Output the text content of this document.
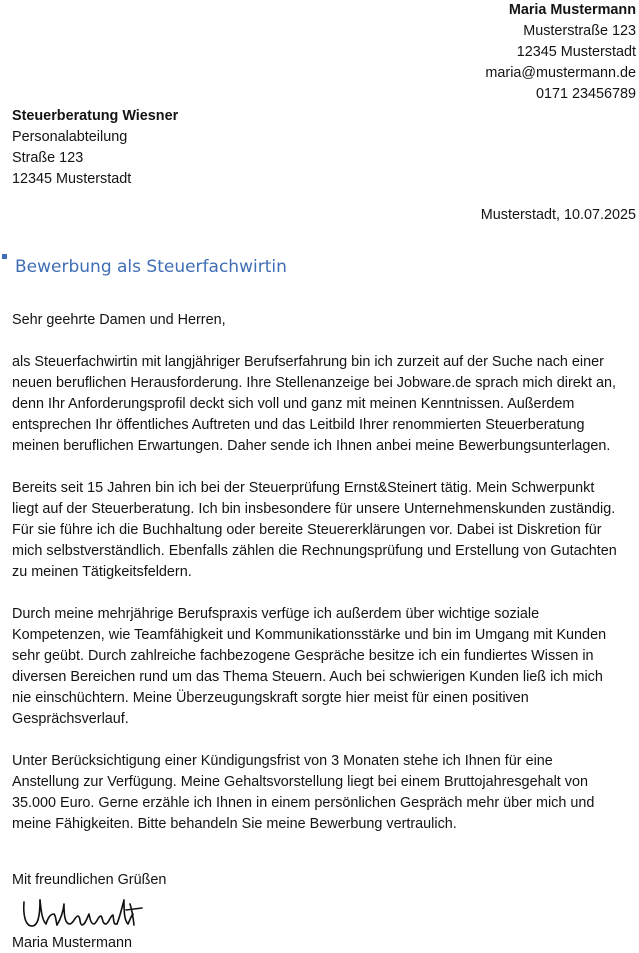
Maria Mustermann
Musterstraße 123
12345 Musterstadt
maria@mustermann.de
0171 23456789
Steuerberatung Wiesner
Personalabteilung
Straße 123
12345 Musterstadt
Musterstadt, 10.07.2025
Bewerbung als Steuerfachwirtin

Sehr geehrte Damen und Herren,

als Steuerfachwirtin mit langjähriger Berufserfahrung bin ich zurzeit auf der Suche nach einer
neuen beruflichen Herausforderung. Ihre Stellenanzeige bei Jobware.de sprach mich direkt an,
denn Ihr Anforderungsprofil deckt sich voll und ganz mit meinen Kenntnissen. Außerdem
entsprechen Ihr öffentliches Auftreten und das Leitbild Ihrer renommierten Steuerberatung
meinen beruflichen Erwartungen. Daher sende ich Ihnen anbei meine Bewerbungsunterlagen.

Bereits seit 15 Jahren bin ich bei der Steuerprüfung Ernst&Steinert tätig. Mein Schwerpunkt
liegt auf der Steuerberatung. Ich bin insbesondere für unsere Unternehmenskunden zuständig.
Für sie führe ich die Buchhaltung oder bereite Steuererklärungen vor. Dabei ist Diskretion für
mich selbstverständlich. Ebenfalls zählen die Rechnungsprüfung und Erstellung von Gutachten
zu meinen Tätigkeitsfeldern.

Durch meine mehrjährige Berufspraxis verfüge ich außerdem über wichtige soziale
Kompetenzen, wie Teamfähigkeit und Kommunikationsstärke und bin im Umgang mit Kunden
sehr geübt. Durch zahlreiche fachbezogene Gespräche besitze ich ein fundiertes Wissen in
diversen Bereichen rund um das Thema Steuern. Auch bei schwierigen Kunden ließ ich mich
nie einschüchtern. Meine Überzeugungskraft sorgte hier meist für einen positiven
Gesprächsverlauf.

Unter Berücksichtigung einer Kündigungsfrist von 3 Monaten stehe ich Ihnen für eine
Anstellung zur Verfügung. Meine Gehaltsvorstellung liegt bei einem Bruttojahresgehalt von
35.000 Euro. Gerne erzähle ich Ihnen in einem persönlichen Gespräch mehr über mich und
meine Fähigkeiten. Bitte behandeln Sie meine Bewerbung vertraulich.

Mit freundlichen Grüßen
Maria Mustermann
